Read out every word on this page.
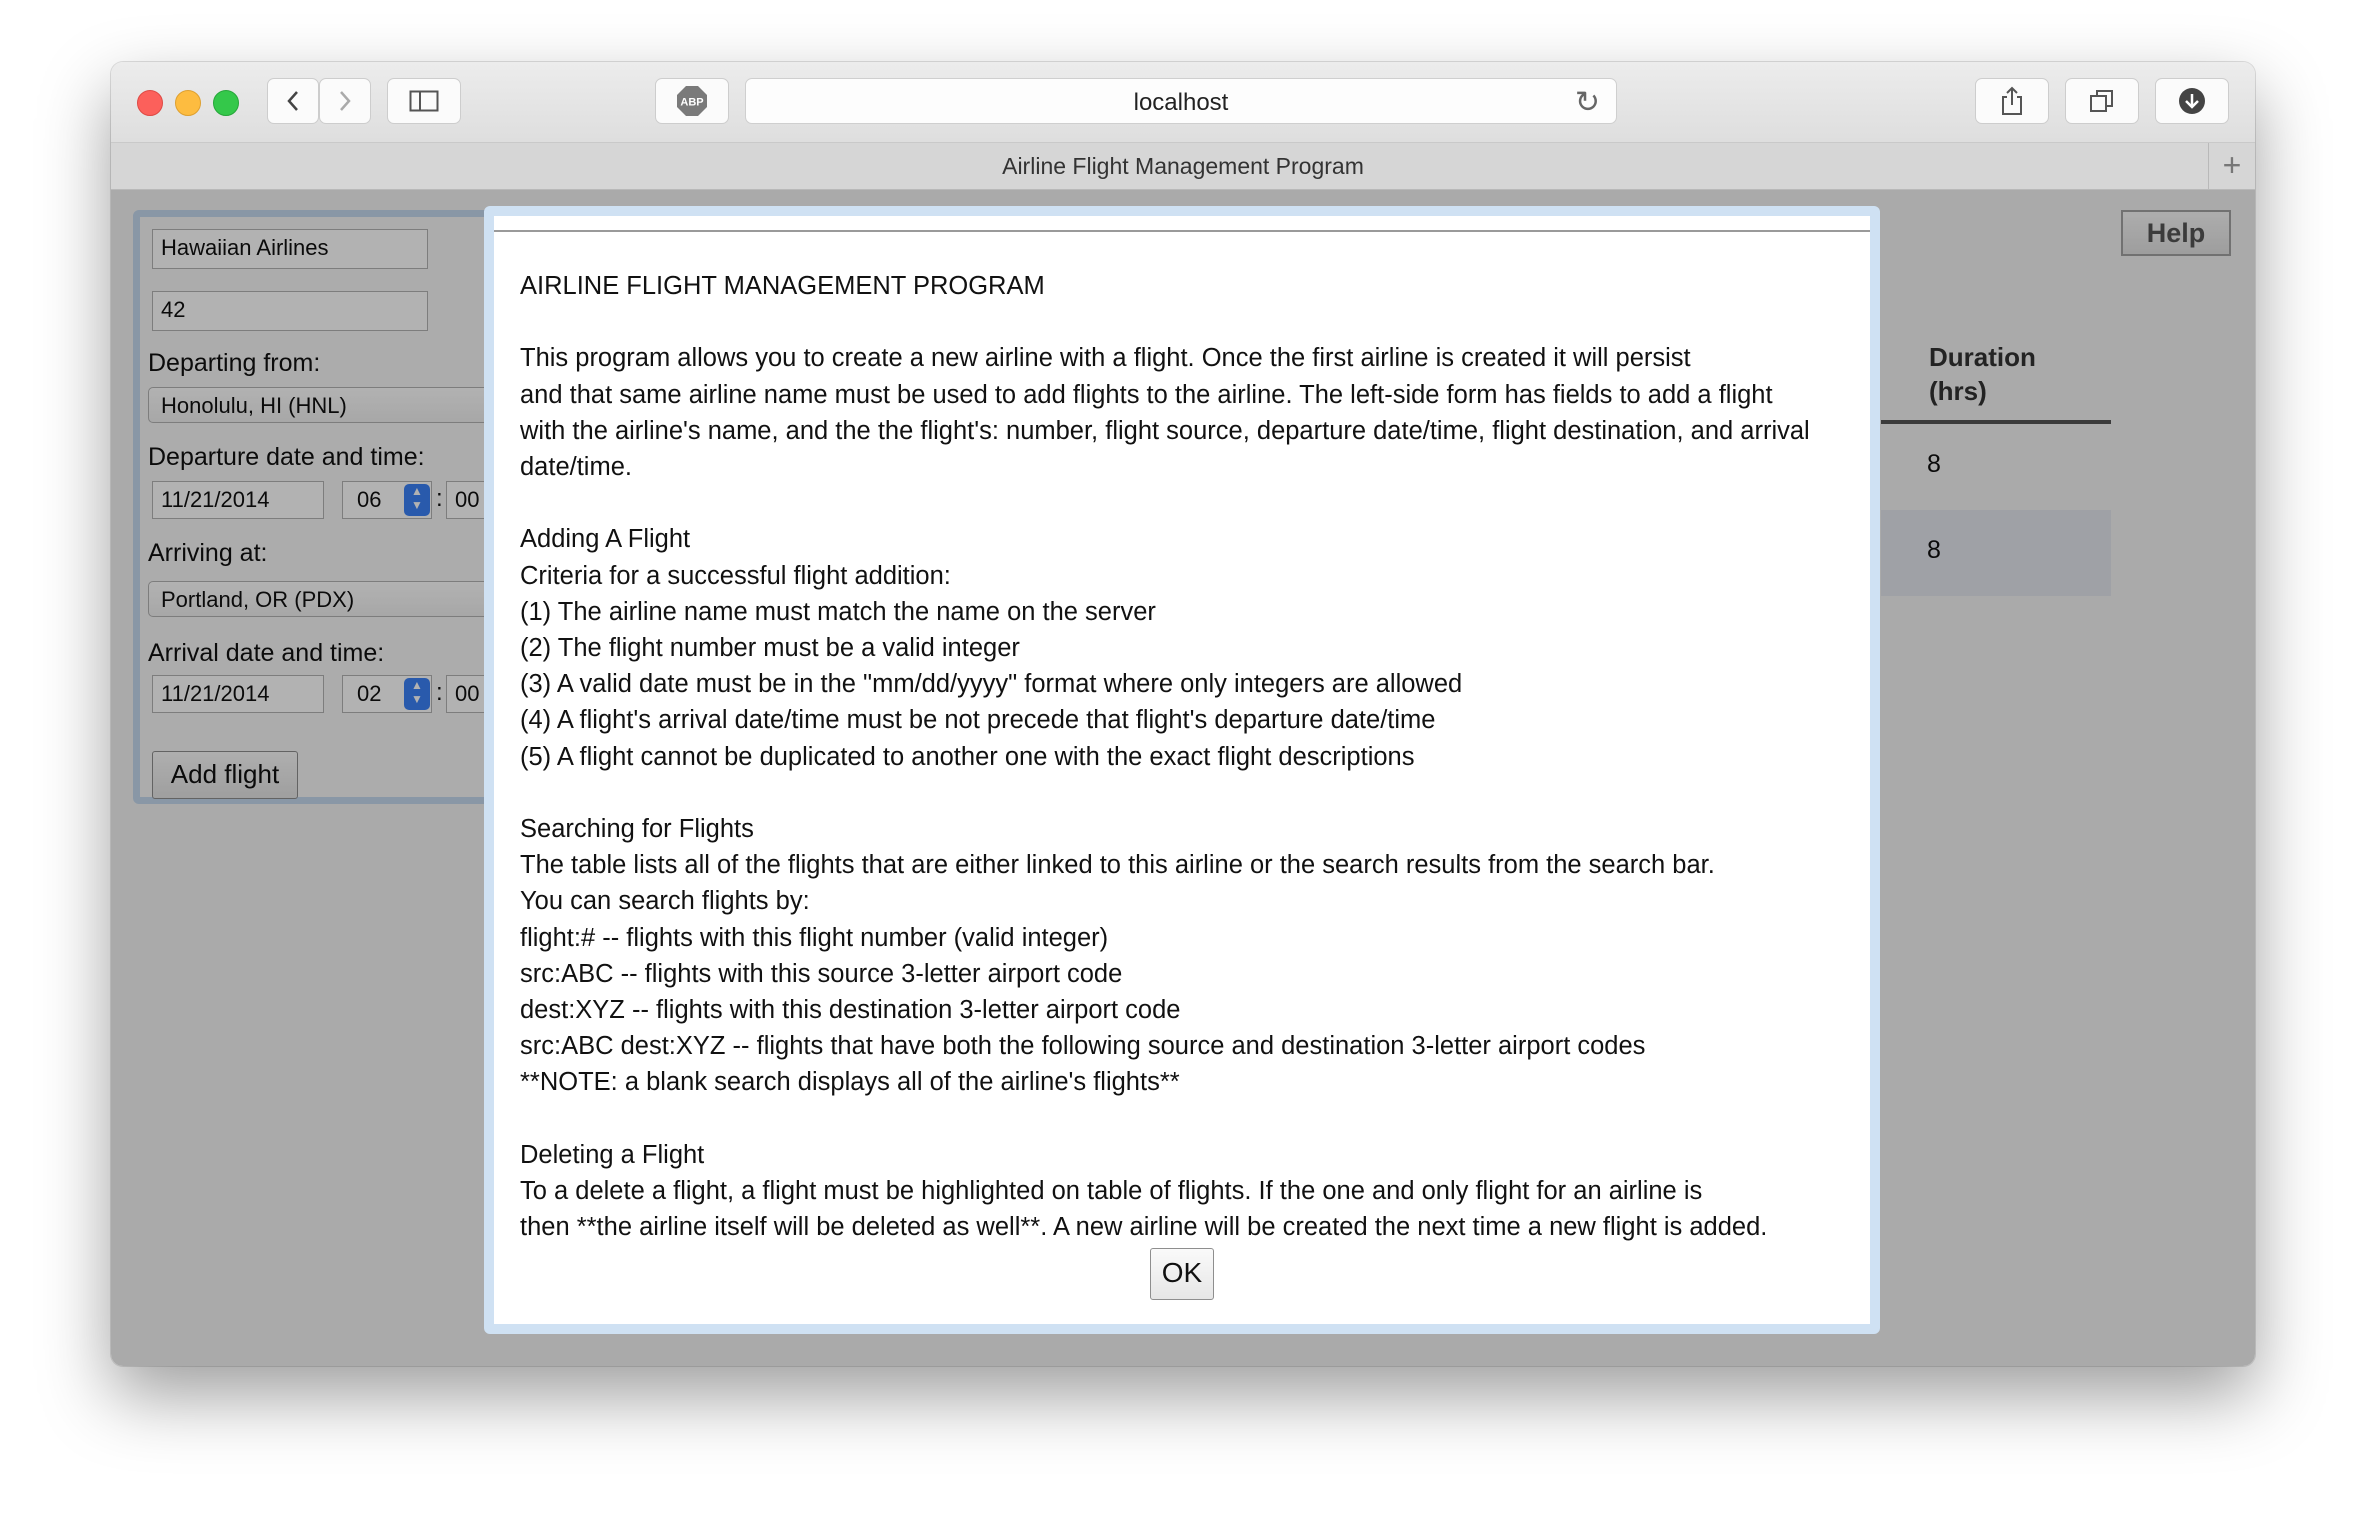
ABP	localhost	↻
Airline Flight Management Program	+
Hawaiian Airlines
42
Departing from:
Honolulu, HI (HNL)
Departure date and time:
11/21/2014	06	▲
▼ : 00
Arriving at:
Portland, OR (PDX)
Arrival date and time:
11/21/2014	02	▲
▼ : 00
Add flight
Duration
(hrs)
8
8
Help
AIRLINE FLIGHT MANAGEMENT PROGRAM
This program allows you to create a new airline with a flight. Once the first airline is created it will persist
and that same airline name must be used to add flights to the airline. The left-side form has fields to add a flight
with the airline's name, and the the flight's: number, flight source, departure date/time, flight destination, and arrival
date/time.
Adding A Flight
Criteria for a successful flight addition:
(1) The airline name must match the name on the server
(2) The flight number must be a valid integer
(3) A valid date must be in the "mm/dd/yyyy" format where only integers are allowed
(4) A flight's arrival date/time must be not precede that flight's departure date/time
(5) A flight cannot be duplicated to another one with the exact flight descriptions
Searching for Flights
The table lists all of the flights that are either linked to this airline or the search results from the search bar.
You can search flights by:
flight:# -- flights with this flight number (valid integer)
src:ABC -- flights with this source 3-letter airport code
dest:XYZ -- flights with this destination 3-letter airport code
src:ABC dest:XYZ -- flights that have both the following source and destination 3-letter airport codes
**NOTE: a blank search displays all of the airline's flights**
Deleting a Flight
To a delete a flight, a flight must be highlighted on table of flights. If the one and only flight for an airline is
then **the airline itself will be deleted as well**. A new airline will be created the next time a new flight is added.
OK
